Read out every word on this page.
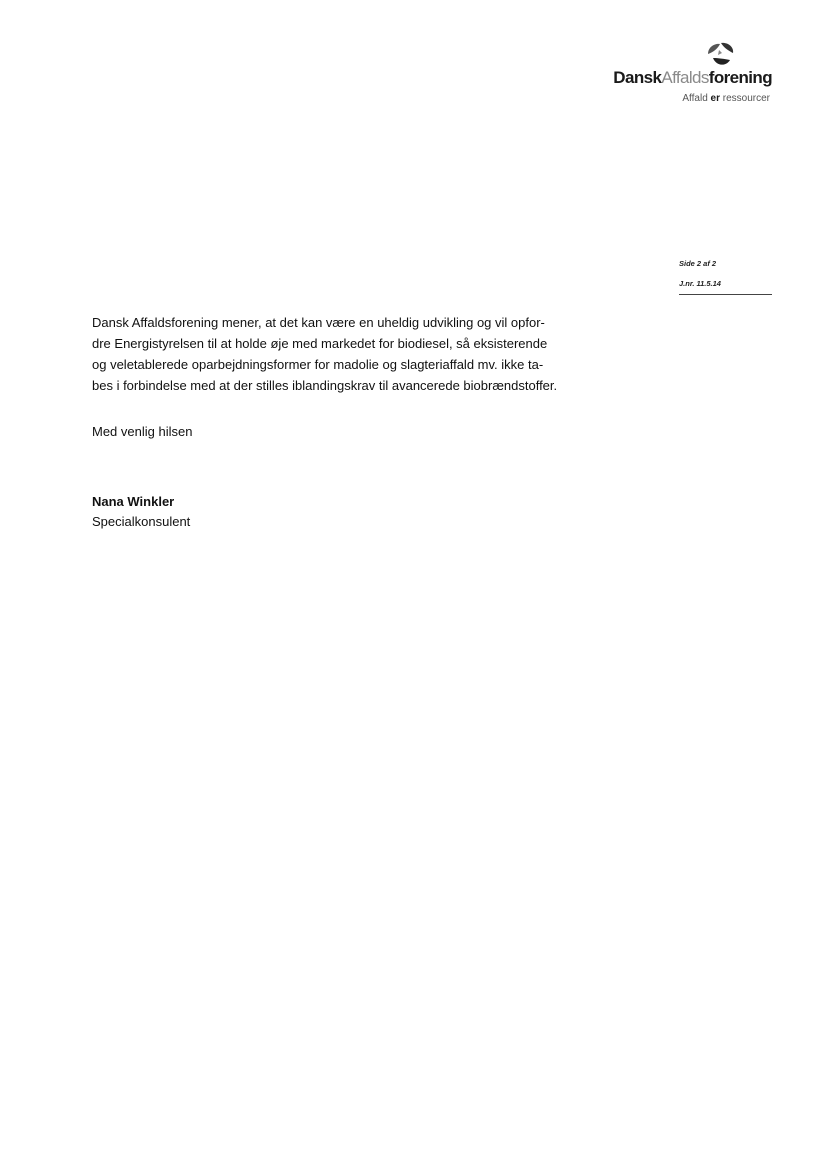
DanskAffaldsforening
Affald er ressourcer
Side 2 af 2
J.nr. 11.5.14
Dansk Affaldsforening mener, at det kan være en uheldig udvikling og vil opfor-
dre Energistyrelsen til at holde øje med markedet for biodiesel, så eksisterende
og veletablerede oparbejdningsformer for madolie og slagteriaffald mv. ikke ta-
bes i forbindelse med at der stilles iblandingskrav til avancerede biobrændstoffer.
Med venlig hilsen
Nana Winkler
Specialkonsulent
